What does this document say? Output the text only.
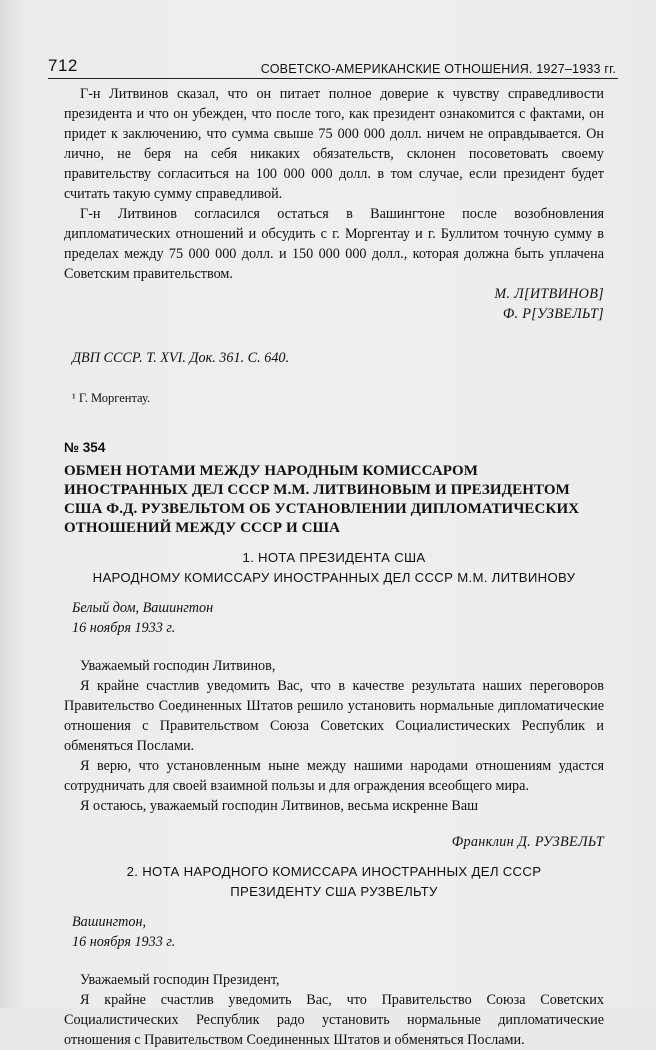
712	СОВЕТСКО-АМЕРИКАНСКИЕ ОТНОШЕНИЯ. 1927–1933 гг.

Г-н Литвинов сказал, что он питает полное доверие к чувству справедливости президента и что он убежден, что после того, как президент ознакомится с фактами, он придет к заключению, что сумма свыше 75 000 000 долл. ничем не оправдывается. Он лично, не беря на себя никаких обязательств, склонен посоветовать своему правительству согласиться на 100 000 000 долл. в том случае, если президент будет считать такую сумму справедливой.

Г-н Литвинов согласился остаться в Вашингтоне после возобновления дипломатических отношений и обсудить с г. Моргентау и г. Буллитом точную сумму в пределах между 75 000 000 долл. и 150 000 000 долл., которая должна быть уплачена Советским правительством.

М. Л[ИТВИНОВ]

Ф. Р[УЗВЕЛЬТ]

ДВП СССР. Т. XVI. Док. 361. С. 640.

¹ Г. Моргентау.

№ 354

ОБМЕН НОТАМИ МЕЖДУ НАРОДНЫМ КОМИССАРОМ ИНОСТРАННЫХ ДЕЛ СССР М.М. ЛИТВИНОВЫМ И ПРЕЗИДЕНТОМ США Ф.Д. РУЗВЕЛЬТОМ ОБ УСТАНОВЛЕНИИ ДИПЛОМАТИЧЕСКИХ ОТНОШЕНИЙ МЕЖДУ СССР И США

1. НОТА ПРЕЗИДЕНТА США
НАРОДНОМУ КОМИССАРУ ИНОСТРАННЫХ ДЕЛ СССР М.М. ЛИТВИНОВУ

Белый дом, Вашингтон

16 ноября 1933 г.

Уважаемый господин Литвинов,

Я крайне счастлив уведомить Вас, что в качестве результата наших переговоров Правительство Соединенных Штатов решило установить нормальные дипломатические отношения с Правительством Союза Советских Социалистических Республик и обменяться Послами.

Я верю, что установленным ныне между нашими народами отношениям удастся сотрудничать для своей взаимной пользы и для ограждения всеобщего мира.

Я остаюсь, уважаемый господин Литвинов, весьма искренне Ваш

Франклин Д. РУЗВЕЛЬТ

2. НОТА НАРОДНОГО КОМИССАРА ИНОСТРАННЫХ ДЕЛ СССР
ПРЕЗИДЕНТУ США РУЗВЕЛЬТУ

Вашингтон,

16 ноября 1933 г.

Уважаемый господин Президент,

Я крайне счастлив уведомить Вас, что Правительство Союза Советских Социалистических Республик радо установить нормальные дипломатические отношения с Правительством Соединенных Штатов и обменяться Послами.
